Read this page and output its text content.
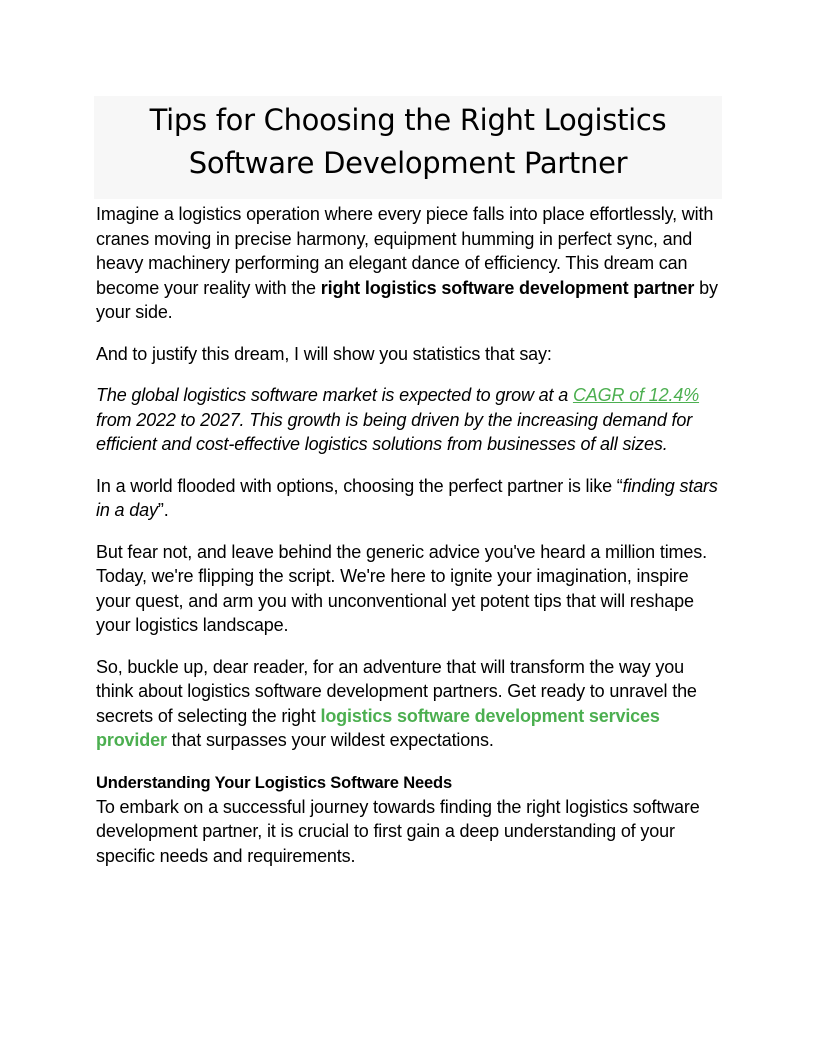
Tips for Choosing the Right Logistics
Software Development Partner

Imagine a logistics operation where every piece falls into place effortlessly, with cranes moving in precise harmony, equipment humming in perfect sync, and heavy machinery performing an elegant dance of efficiency. This dream can become your reality with the right logistics software development partner by your side.

And to justify this dream, I will show you statistics that say:

The global logistics software market is expected to grow at a CAGR of 12.4% from 2022 to 2027. This growth is being driven by the increasing demand for efficient and cost-effective logistics solutions from businesses of all sizes.

In a world flooded with options, choosing the perfect partner is like “finding stars in a day”.

But fear not, and leave behind the generic advice you've heard a million times. Today, we're flipping the script. We're here to ignite your imagination, inspire your quest, and arm you with unconventional yet potent tips that will reshape your logistics landscape.

So, buckle up, dear reader, for an adventure that will transform the way you think about logistics software development partners. Get ready to unravel the secrets of selecting the right logistics software development services provider that surpasses your wildest expectations.

Understanding Your Logistics Software Needs

To embark on a successful journey towards finding the right logistics software development partner, it is crucial to first gain a deep understanding of your specific needs and requirements.
